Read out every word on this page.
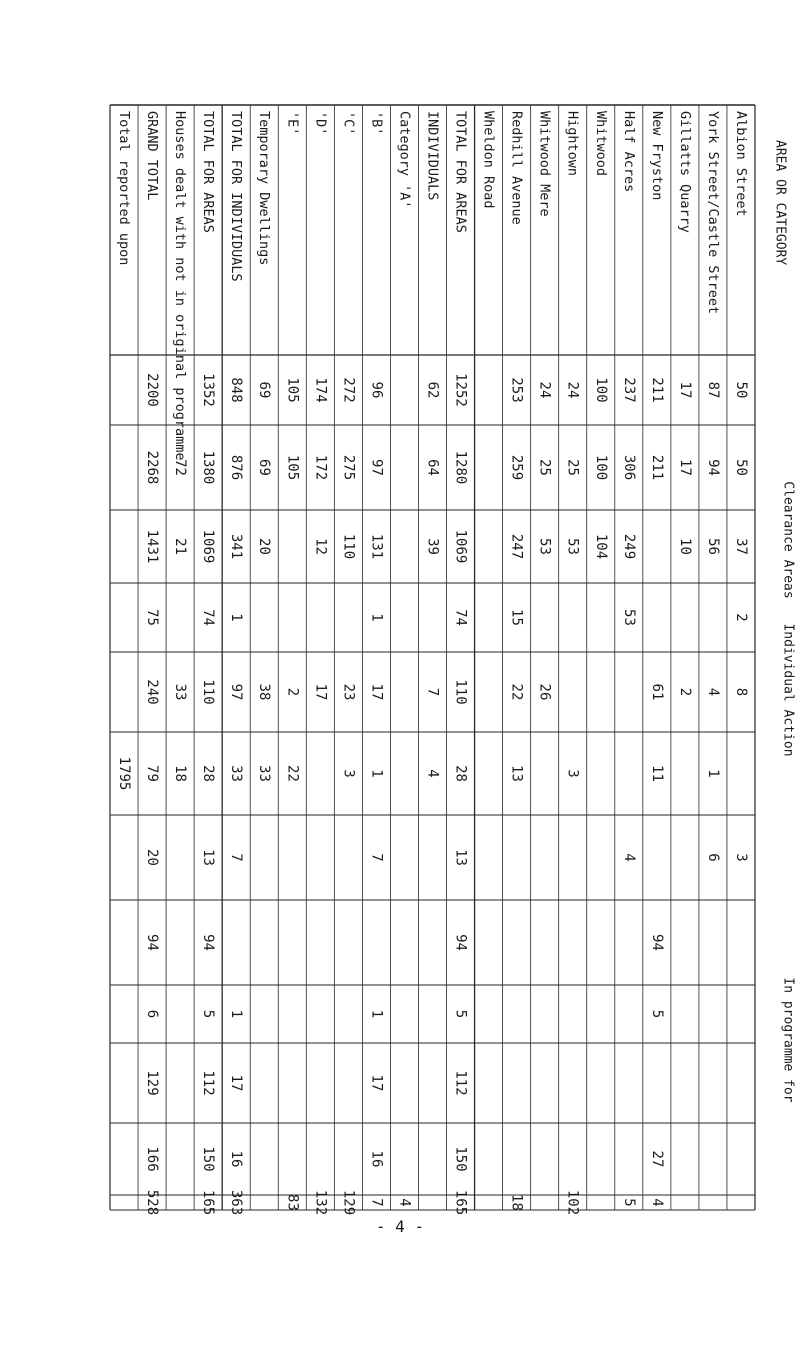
Albion Street
York Street/Castle Street
Gillatts Quarry
New Fryston
Half Acres
Whitwood
Hightown
Whitwood Mere
Redhill Avenue
Wheldon Road
TOTAL FOR AREAS
INDIVIDUALS
Category 'A'
'B'
'C'
'D'
'E'
Temporary Dwellings
TOTAL FOR INDIVIDUALS
TOTAL FOR AREAS
Houses dealt with not in original programme
GRAND TOTAL
Total reported upon	AREA OR CATEGORY
50
50
37
2
8
3
87
94
56
4
1
6
17
17
10
2
211
211
61
11
94
5
27
4
237
306
249
53
4
5
100
100
104
24
25
53
3
102
24
25
53
26
253
259
247
15
22
13
18
1252
1280
1069
74
110
28
13
94
5
112
150
165
62
64
39
7
4
4
96
97
131
1
17
1
7
1
17
16
7
272
275
110
23
3
129
174
172
12
17
132
105
105
2
22
83
69
69
20
38
33
848
876
341
1
97
33
7
1
17
16
363
1352
1380
1069
74
110
28
13
94
5
112
150
165
72
21
33
18
2200
2268
1431
75
240
79
20
94
6
129
166
528
1795
Clearance Areas
Individual Action
In programme for
- 4 -
